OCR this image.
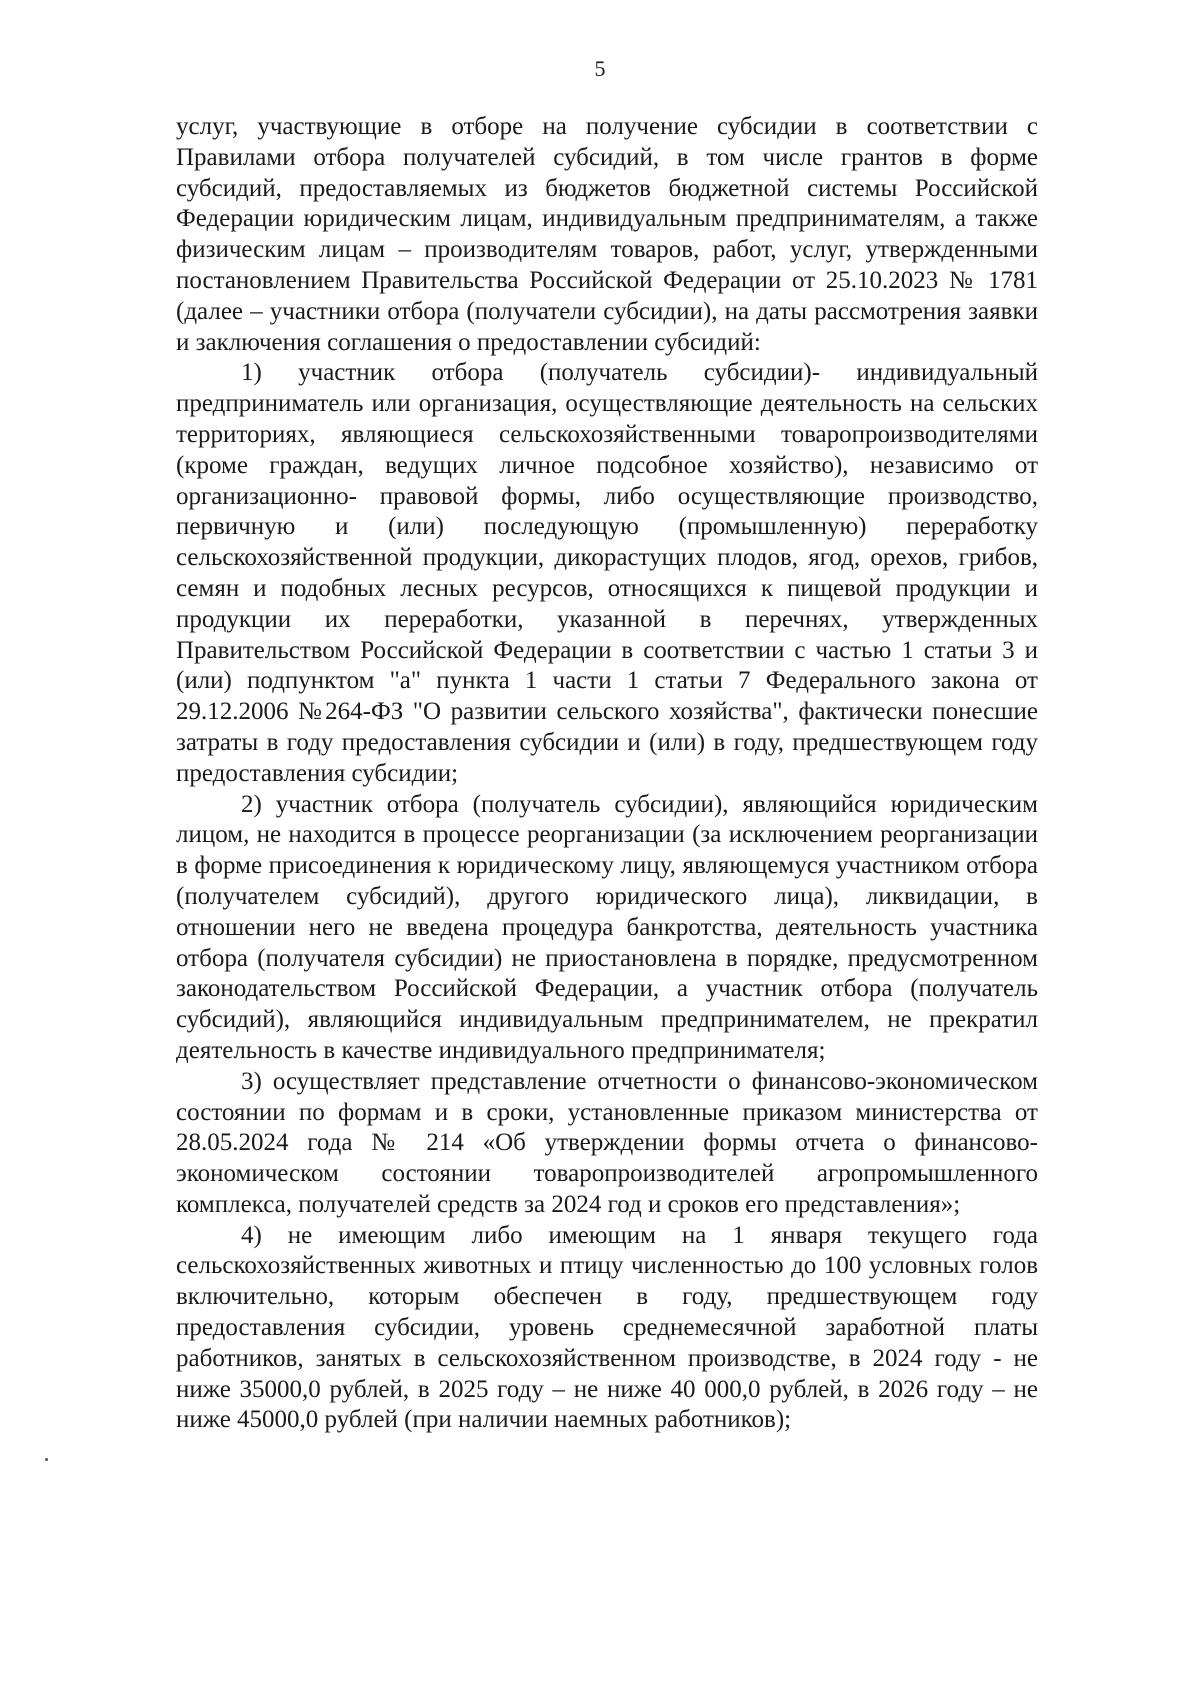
5

услуг, участвующие в отборе на получение субсидии в соответствии с Правилами отбора получателей субсидий, в том числе грантов в форме субсидий, предоставляемых из бюджетов бюджетной системы Российской Федерации юридическим лицам, индивидуальным предпринимателям, а также физическим лицам – производителям товаров, работ, услуг, утвержденными постановлением Правительства Российской Федерации от 25.10.2023 № 1781 (далее – участники отбора (получатели субсидии), на даты рассмотрения заявки и заключения соглашения о предоставлении субсидий:

1) участник отбора (получатель субсидии)- индивидуальный предприниматель или организация, осуществляющие деятельность на сельских территориях, являющиеся сельскохозяйственными товаропроизводителями (кроме граждан, ведущих личное подсобное хозяйство), независимо от организационно- правовой формы, либо осуществляющие производство, первичную и (или) последующую (промышленную) переработку сельскохозяйственной продукции, дикорастущих плодов, ягод, орехов, грибов, семян и подобных лесных ресурсов, относящихся к пищевой продукции и продукции их переработки, указанной в перечнях, утвержденных Правительством Российской Федерации в соответствии с частью 1 статьи 3 и (или) подпунктом "а" пункта 1 части 1 статьи 7 Федерального закона от 29.12.2006 №264-ФЗ "О развитии сельского хозяйства", фактически понесшие затраты в году предоставления субсидии и (или) в году, предшествующем году предоставления субсидии;

2) участник отбора (получатель субсидии), являющийся юридическим лицом, не находится в процессе реорганизации (за исключением реорганизации в форме присоединения к юридическому лицу, являющемуся участником отбора (получателем субсидий), другого юридического лица), ликвидации, в отношении него не введена процедура банкротства, деятельность участника отбора (получателя субсидии) не приостановлена в порядке, предусмотренном законодательством Российской Федерации, а участник отбора (получатель субсидий), являющийся индивидуальным предпринимателем, не прекратил деятельность в качестве индивидуального предпринимателя;

3) осуществляет представление отчетности о финансово-экономическом состоянии по формам и в сроки, установленные приказом министерства от 28.05.2024 года № 214 «Об утверждении формы отчета о финансово-экономическом состоянии товаропроизводителей агропромышленного комплекса, получателей средств за 2024 год и сроков его представления»;

4) не имеющим либо имеющим на 1 января текущего года сельскохозяйственных животных и птицу численностью до 100 условных голов включительно, которым обеспечен в году, предшествующем году предоставления субсидии, уровень среднемесячной заработной платы работников, занятых в сельскохозяйственном производстве, в 2024 году - не ниже 35000,0 рублей, в 2025 году – не ниже 40 000,0 рублей, в 2026 году – не ниже 45000,0 рублей (при наличии наемных работников);
